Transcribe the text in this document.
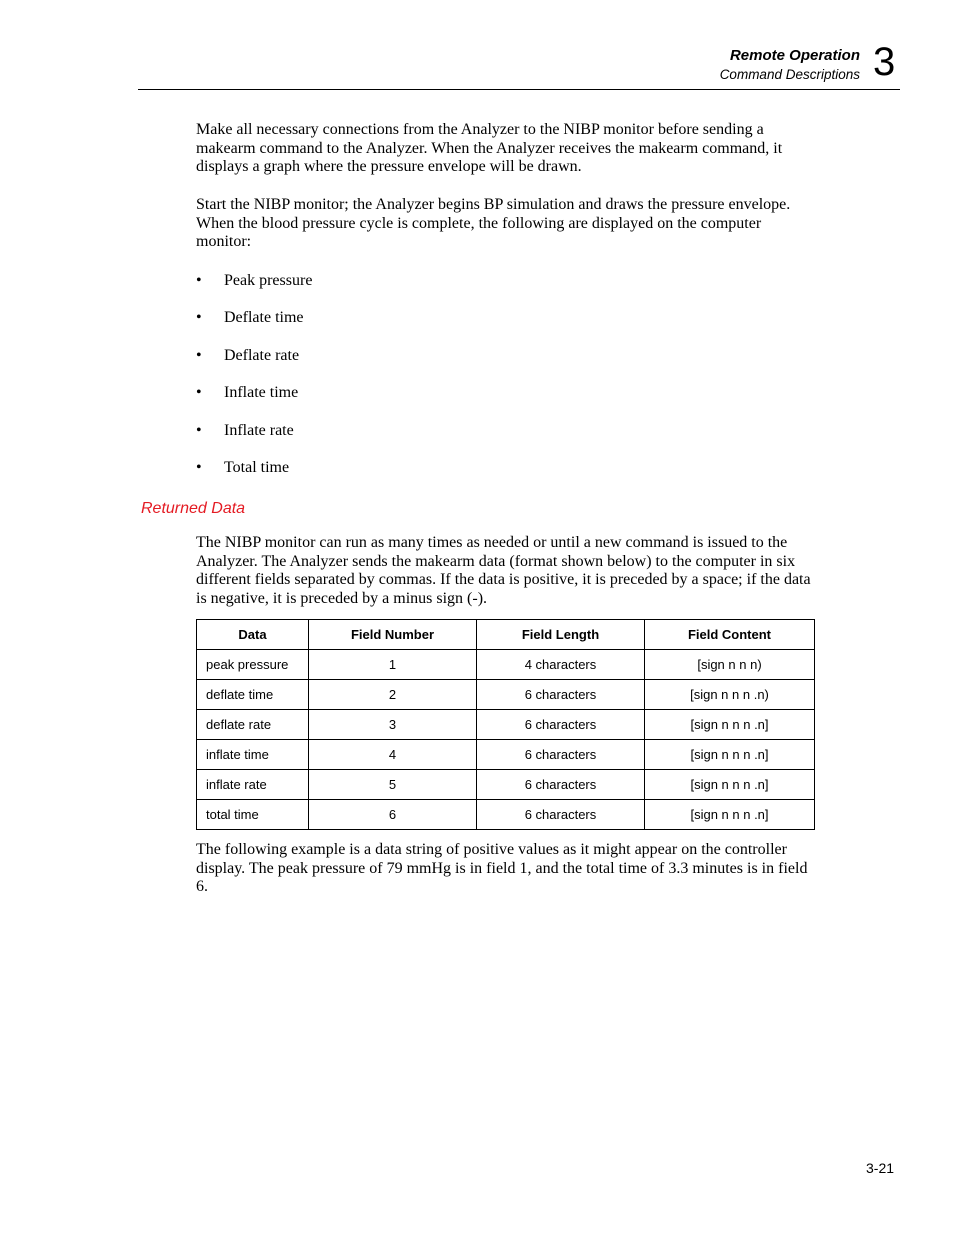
Remote Operation
Command Descriptions 3

Make all necessary connections from the Analyzer to the NIBP monitor before sending a makearm command to the Analyzer. When the Analyzer receives the makearm command, it displays a graph where the pressure envelope will be drawn.

Start the NIBP monitor; the Analyzer begins BP simulation and draws the pressure envelope. When the blood pressure cycle is complete, the following are displayed on the computer monitor:

• Peak pressure
• Deflate time
• Deflate rate
• Inflate time
• Inflate rate
• Total time
Returned Data

The NIBP monitor can run as many times as needed or until a new command is issued to the Analyzer. The Analyzer sends the makearm data (format shown below) to the computer in six different fields separated by commas. If the data is positive, it is preceded by a space; if the data is negative, it is preceded by a minus sign (-).

Data	Field Number	Field Length	Field Content
peak pressure	1	4 characters	[sign n n n)
deflate time	2	6 characters	[sign n n n .n)
deflate rate	3	6 characters	[sign n n n .n]
inflate time	4	6 characters	[sign n n n .n]
inflate rate	5	6 characters	[sign n n n .n]
total time	6	6 characters	[sign n n n .n]

The following example is a data string of positive values as it might appear on the controller display. The peak pressure of 79 mmHg is in field 1, and the total time of 3.3 minutes is in field 6.

3-21
